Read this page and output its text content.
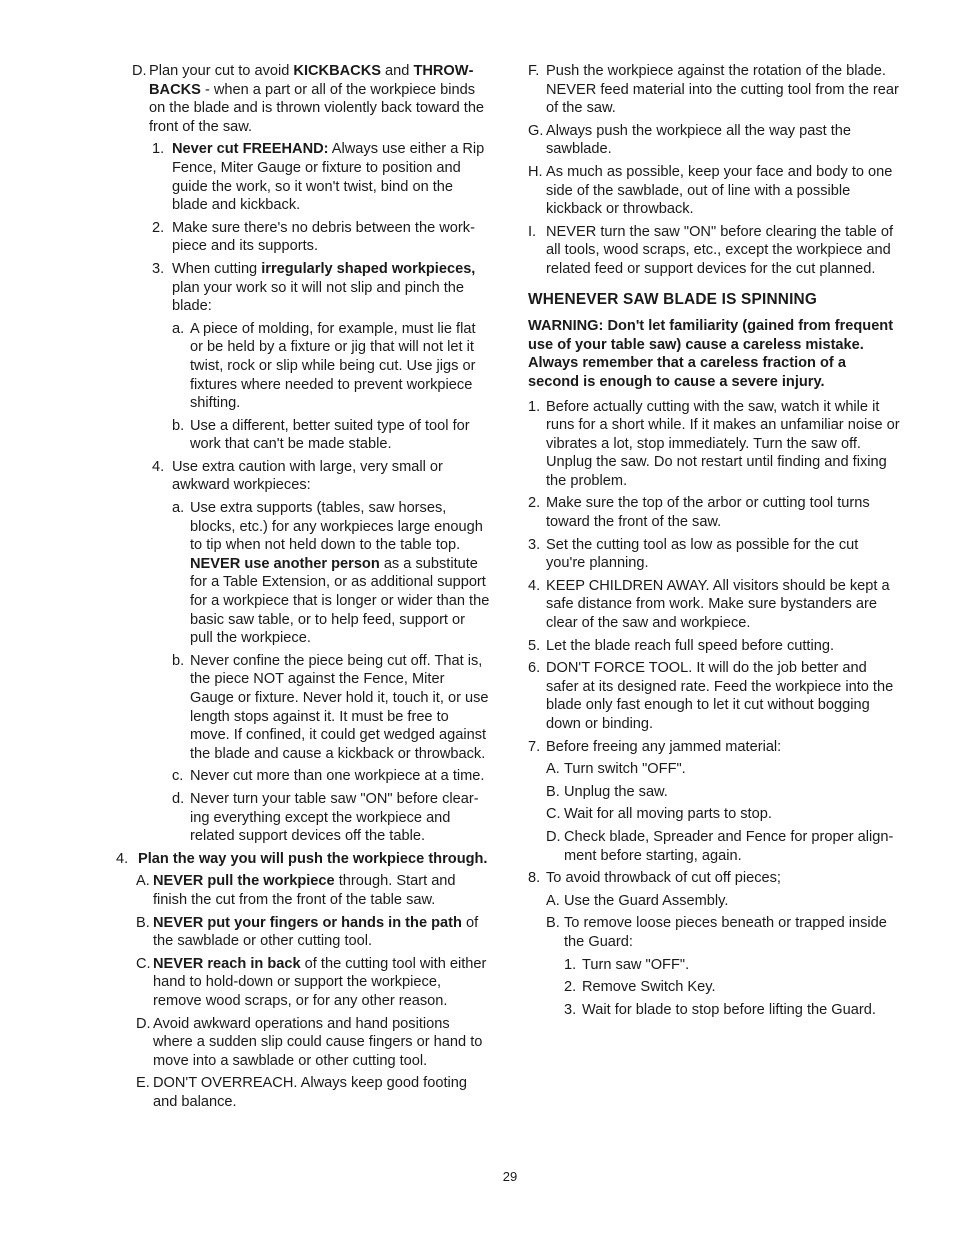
D. Plan your cut to avoid KICKBACKS and THROWBACKS - when a part or all of the workpiece binds on the blade and is thrown violently back toward the front of the saw.

1. Never cut FREEHAND: Always use either a Rip Fence, Miter Gauge or fixture to position and guide the work, so it won't twist, bind on the blade and kickback.

2. Make sure there's no debris between the workpiece and its supports.

3. When cutting irregularly shaped workpieces, plan your work so it will not slip and pinch the blade:

a. A piece of molding, for example, must lie flat or be held by a fixture or jig that will not let it twist, rock or slip while being cut. Use jigs or fixtures where needed to prevent workpiece shifting.

b. Use a different, better suited type of tool for work that can't be made stable.

4. Use extra caution with large, very small or awkward workpieces:

a. Use extra supports (tables, saw horses, blocks, etc.) for any workpieces large enough to tip when not held down to the table top. NEVER use another person as a substitute for a Table Extension, or as additional support for a workpiece that is longer or wider than the basic saw table, or to help feed, support or pull the workpiece.

b. Never confine the piece being cut off. That is, the piece NOT against the Fence, Miter Gauge or fixture. Never hold it, touch it, or use length stops against it. It must be free to move. If confined, it could get wedged against the blade and cause a kickback or throwback.

c. Never cut more than one workpiece at a time.

d. Never turn your table saw "ON" before clearing everything except the workpiece and related support devices off the table.

4. Plan the way you will push the workpiece through.

A. NEVER pull the workpiece through. Start and finish the cut from the front of the table saw.

B. NEVER put your fingers or hands in the path of the sawblade or other cutting tool.

C. NEVER reach in back of the cutting tool with either hand to hold-down or support the workpiece, remove wood scraps, or for any other reason.

D. Avoid awkward operations and hand positions where a sudden slip could cause fingers or hand to move into a sawblade or other cutting tool.

E. DON'T OVERREACH. Always keep good footing and balance.

F. Push the workpiece against the rotation of the blade. NEVER feed material into the cutting tool from the rear of the saw.

G. Always push the workpiece all the way past the sawblade.

H. As much as possible, keep your face and body to one side of the sawblade, out of line with a possible kickback or throwback.

I. NEVER turn the saw "ON" before clearing the table of all tools, wood scraps, etc., except the workpiece and related feed or support devices for the cut planned.

WHENEVER SAW BLADE IS SPINNING

WARNING: Don't let familiarity (gained from frequent use of your table saw) cause a careless mistake. Always remember that a careless fraction of a second is enough to cause a severe injury.

1. Before actually cutting with the saw, watch it while it runs for a short while. If it makes an unfamiliar noise or vibrates a lot, stop immediately. Turn the saw off. Unplug the saw. Do not restart until finding and fixing the problem.

2. Make sure the top of the arbor or cutting tool turns toward the front of the saw.

3. Set the cutting tool as low as possible for the cut you're planning.

4. KEEP CHILDREN AWAY. All visitors should be kept a safe distance from work. Make sure bystanders are clear of the saw and workpiece.

5. Let the blade reach full speed before cutting.

6. DON'T FORCE TOOL. It will do the job better and safer at its designed rate. Feed the workpiece into the blade only fast enough to let it cut without bogging down or binding.

7. Before freeing any jammed material:

A. Turn switch "OFF".

B. Unplug the saw.

C. Wait for all moving parts to stop.

D. Check blade, Spreader and Fence for proper alignment before starting, again.

8. To avoid throwback of cut off pieces;

A. Use the Guard Assembly.

B. To remove loose pieces beneath or trapped inside the Guard:

1. Turn saw "OFF".

2. Remove Switch Key.

3. Wait for blade to stop before lifting the Guard.

29
